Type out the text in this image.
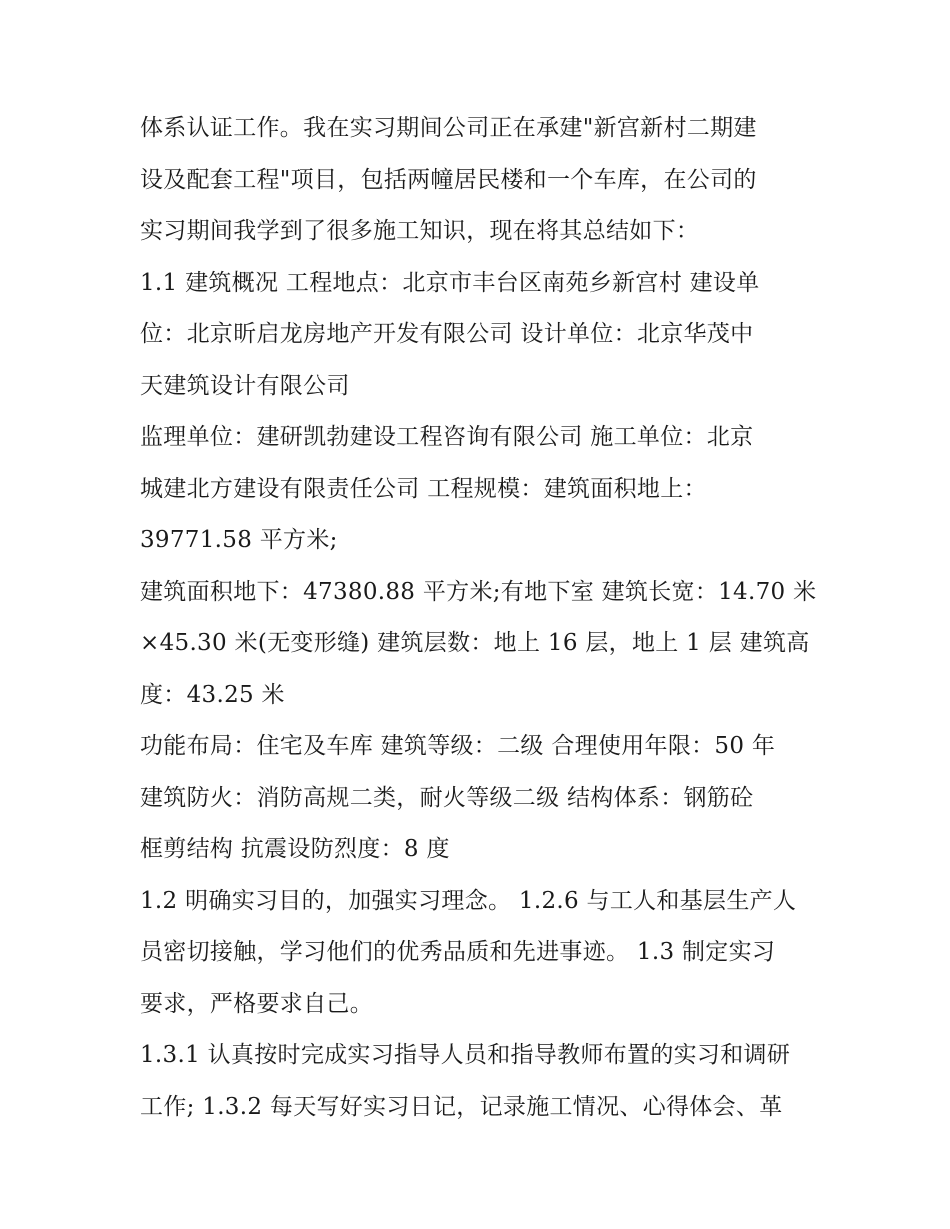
体系认证工作。我在实习期间公司正在承建"新宫新村二期建
设及配套工程"项目，包括两幢居民楼和一个车库，在公司的
实习期间我学到了很多施工知识，现在将其总结如下：
1.1 建筑概况 工程地点：北京市丰台区南苑乡新宫村 建设单
位：北京昕启龙房地产开发有限公司 设计单位：北京华茂中
天建筑设计有限公司
监理单位：建研凯勃建设工程咨询有限公司 施工单位：北京
城建北方建设有限责任公司 工程规模：建筑面积地上：
39771.58 平方米;
建筑面积地下：47380.88 平方米;有地下室 建筑长宽：14.70 米
×45.30 米(无变形缝) 建筑层数：地上 16 层，地上 1 层 建筑高
度：43.25 米
功能布局：住宅及车库 建筑等级：二级 合理使用年限：50 年
建筑防火：消防高规二类，耐火等级二级 结构体系：钢筋砼
框剪结构 抗震设防烈度：8 度
1.2 明确实习目的，加强实习理念。 1.2.6 与工人和基层生产人
员密切接触，学习他们的优秀品质和先进事迹。 1.3 制定实习
要求，严格要求自己。
1.3.1 认真按时完成实习指导人员和指导教师布置的实习和调研
工作; 1.3.2 每天写好实习日记，记录施工情况、心得体会、革
